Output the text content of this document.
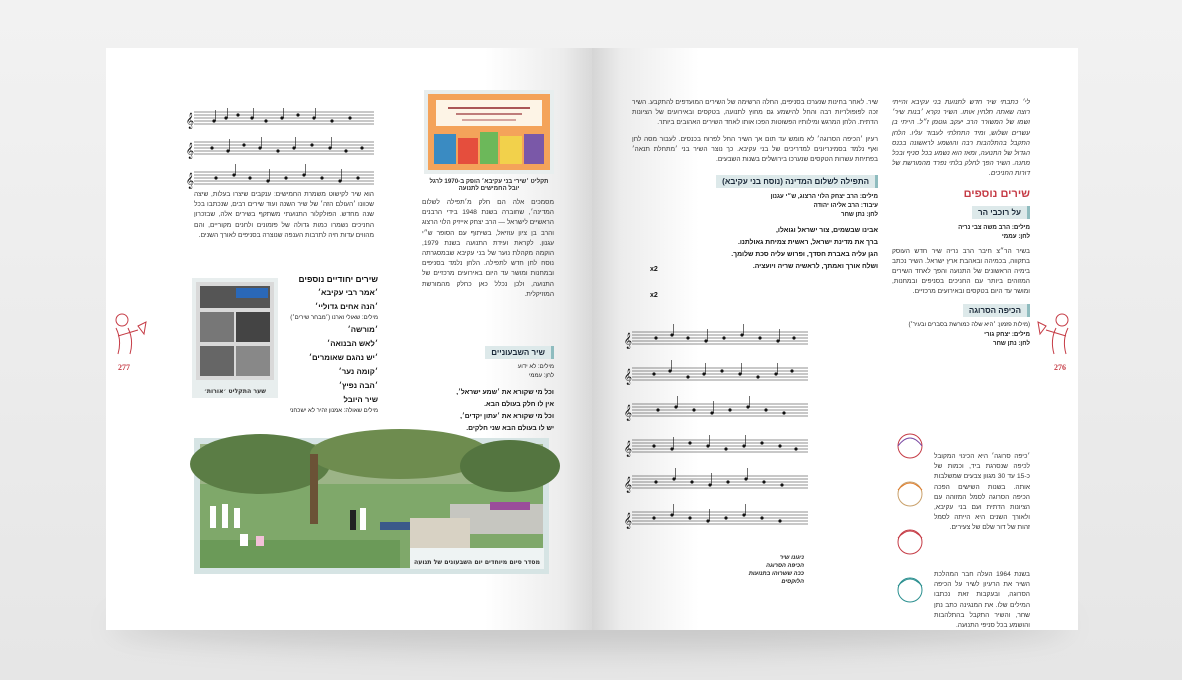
277
תקליט ׳שירי בני עקיבא׳ הופק ב-1970 לרגל יובל החמישים לתנועה
𝄞
𝄞
𝄞
הוא שיר לקישוט משמרת החמישים: ענקבים שיצרו בעלות, שיצה שכוונו ׳העולם הזה׳ של שיר השנה ועוד שירים רבים, שנכתבו בכל שנה מחדש. הפולקלור התנועתי משתקף בשירים אלה, שבזכרון החניכים נשמרו כמות גדולה של פזמונים ולחנים מקוריים, והם מהווים עדות חיה לתרבות הענפה שנוצרה בסניפים לאורך השנים.
מסמכים אלה הם חלק מ׳תפילה לשלום המדינה׳, שחוברה בשנת 1948 בידי הרבנים הראשיים לישראל — הרב יצחק אייזיק הלוי הרצוג והרב בן ציון עוזיאל, בשיתוף עם הסופר ש״י עגנון. לקראת ועידת התנועה בשנת 1979, הוקמה מקהלת נוער של בני עקיבא שבמסגרתה נוסח לחן חדש לתפילה. הלחן נלמד בסניפים ובמחנות ומושר עד היום באירועים מרכזיים של התנועה, ולכן נכלל כאן כחלק מהמורשת המוזיקלית.
שיר השבעוניים
מילים: לא ידוע
לחן: עממי
וכל מי שקורא את ׳שמע ישראל׳,
אין לו חלק בעולם הבא.
וכל מי שקורא את ׳עתון יקדים׳,
יש לו בעולם הבא שני חלקים.
שירים יחודיים נוספים
׳אמר רבי עקיבא׳
׳הנה אחים גדוליי׳
מילים: שאולי וארנו (׳מבחר שירים׳)
׳מורשה׳
׳לאש הבנואה׳
׳יש נהגם שאומרים׳
׳קומה נער׳
׳הבה נפיץ׳
שיר היובל
מילים שאולה: אמנון זהיר לא ישכחני
שער התקליט ׳אורות׳
מסדר סיום מיוחדים יום השבעונים של תנועה
276
לי׳ כתבתי שיר חדש לתנועת בני עקיבא והייתי רוצה שאתה תלחין אותו. השיר נקרא ׳בנות שיר׳ ושמו של המשורר הרב יעקב גוטמן ז״ל. הייתי בן עשרים ושלוש, ומיד התחלתי לעבוד עליו. הלחן התקבל בהתלהבות רבה והושמע לראשונה בכנס הגדול של התנועה, ומאז הוא נשמע בכל סניף ובכל מחנה. השיר הפך לחלק בלתי נפרד מהמורשת של דורות החניכים.
שירים נוספים
על רוכבי הר
מילים: הרב משה צבי נריה
לחן: עממי
בשיר הר״צ חיבר הרב נריה שיר חדש העוסק בתקווה, בכמיהה ובאהבת ארץ ישראל. השיר נכתב בימיה הראשונים של התנועה והפך לאחד השירים המזוהים ביותר עם החניכים בסניפים ובמחנות, ומושר עד היום בטקסים ובאירועים מרכזיים.
הכיפה הסרוגה
(מילות פזמון: ׳היא שלה כמורשת בסברים ובעיר׳)
מילים: יצחק גורי
לחן: נתן שחר
׳כיפה סרוגה׳ היא הכינוי המקובל לכיפה שנסרגת ביד, וכמות של כ-15 עד 30 מגוון צבעים שמשלבות אותה. בשנות השישים הפכה הכיפה הסרוגה לסמל המזוהה עם הציונות הדתית ועם בני עקיבא, ולאורך השנים היא הייתה לסמל זהות של דור שלם של צעירים.
בשנת 1964 העלה חבר המהלכת השיר את הרעיון לשיר על הכיפה הסרוגה, ובעקבות זאת נכתבו המילים שלו. את המנגינה כתב נתן שחר, והשיר התקבל בהתלהבות והושמע בכל סניפי התנועה.
שיר. לאחר בחינות שנערכו בסניפים, החלה הרשימה של השירים המועדפים להתקבע. השיר זכה לפופולריות רבה והחל להישמע גם מחוץ לתנועה, בטקסים ובאירועים של הציונות הדתית. הלחן המרגש ומילותיו הפשוטות הפכו אותו לאחד השירים האהובים ביותר.
רעיון ׳הכיפה הסרוגה׳ לא מומש עד תום אך השיר החל לפרוח בכנסים. לעבור מסה לחן ואף נלמד בסמינריונים למדריכים של בני עקיבא. כך נוצר השיר בני ׳מתחלת תנאה׳ בפתיחת עשרות הטקסים שנערכו בירושלים בשנות השבעים.
התפילה לשלום המדינה (נוסח בני עקיבא)
מילים: הרב יצחק הלוי הרצוג, ש״י עגנון
עיבוד: הרב אליהו יהודה
לחן: נתן שחר
אבינו שבשמים, צור ישראל וגואלו,
ברך את מדינת ישראל, ראשית צמיחת גאולתנו.
הגן עליה באברת חסדך, ופרוש עליה סכת שלומך.
ושלח אורך ואמתך, לראשיה שריה ויועציה.
x2
x2
𝄞
𝄞
𝄞
𝄞
𝄞
𝄞
ניגונו שיר
הכיפה הסרוגה
ככה ששרוהו בתנועות
הלוקסים
